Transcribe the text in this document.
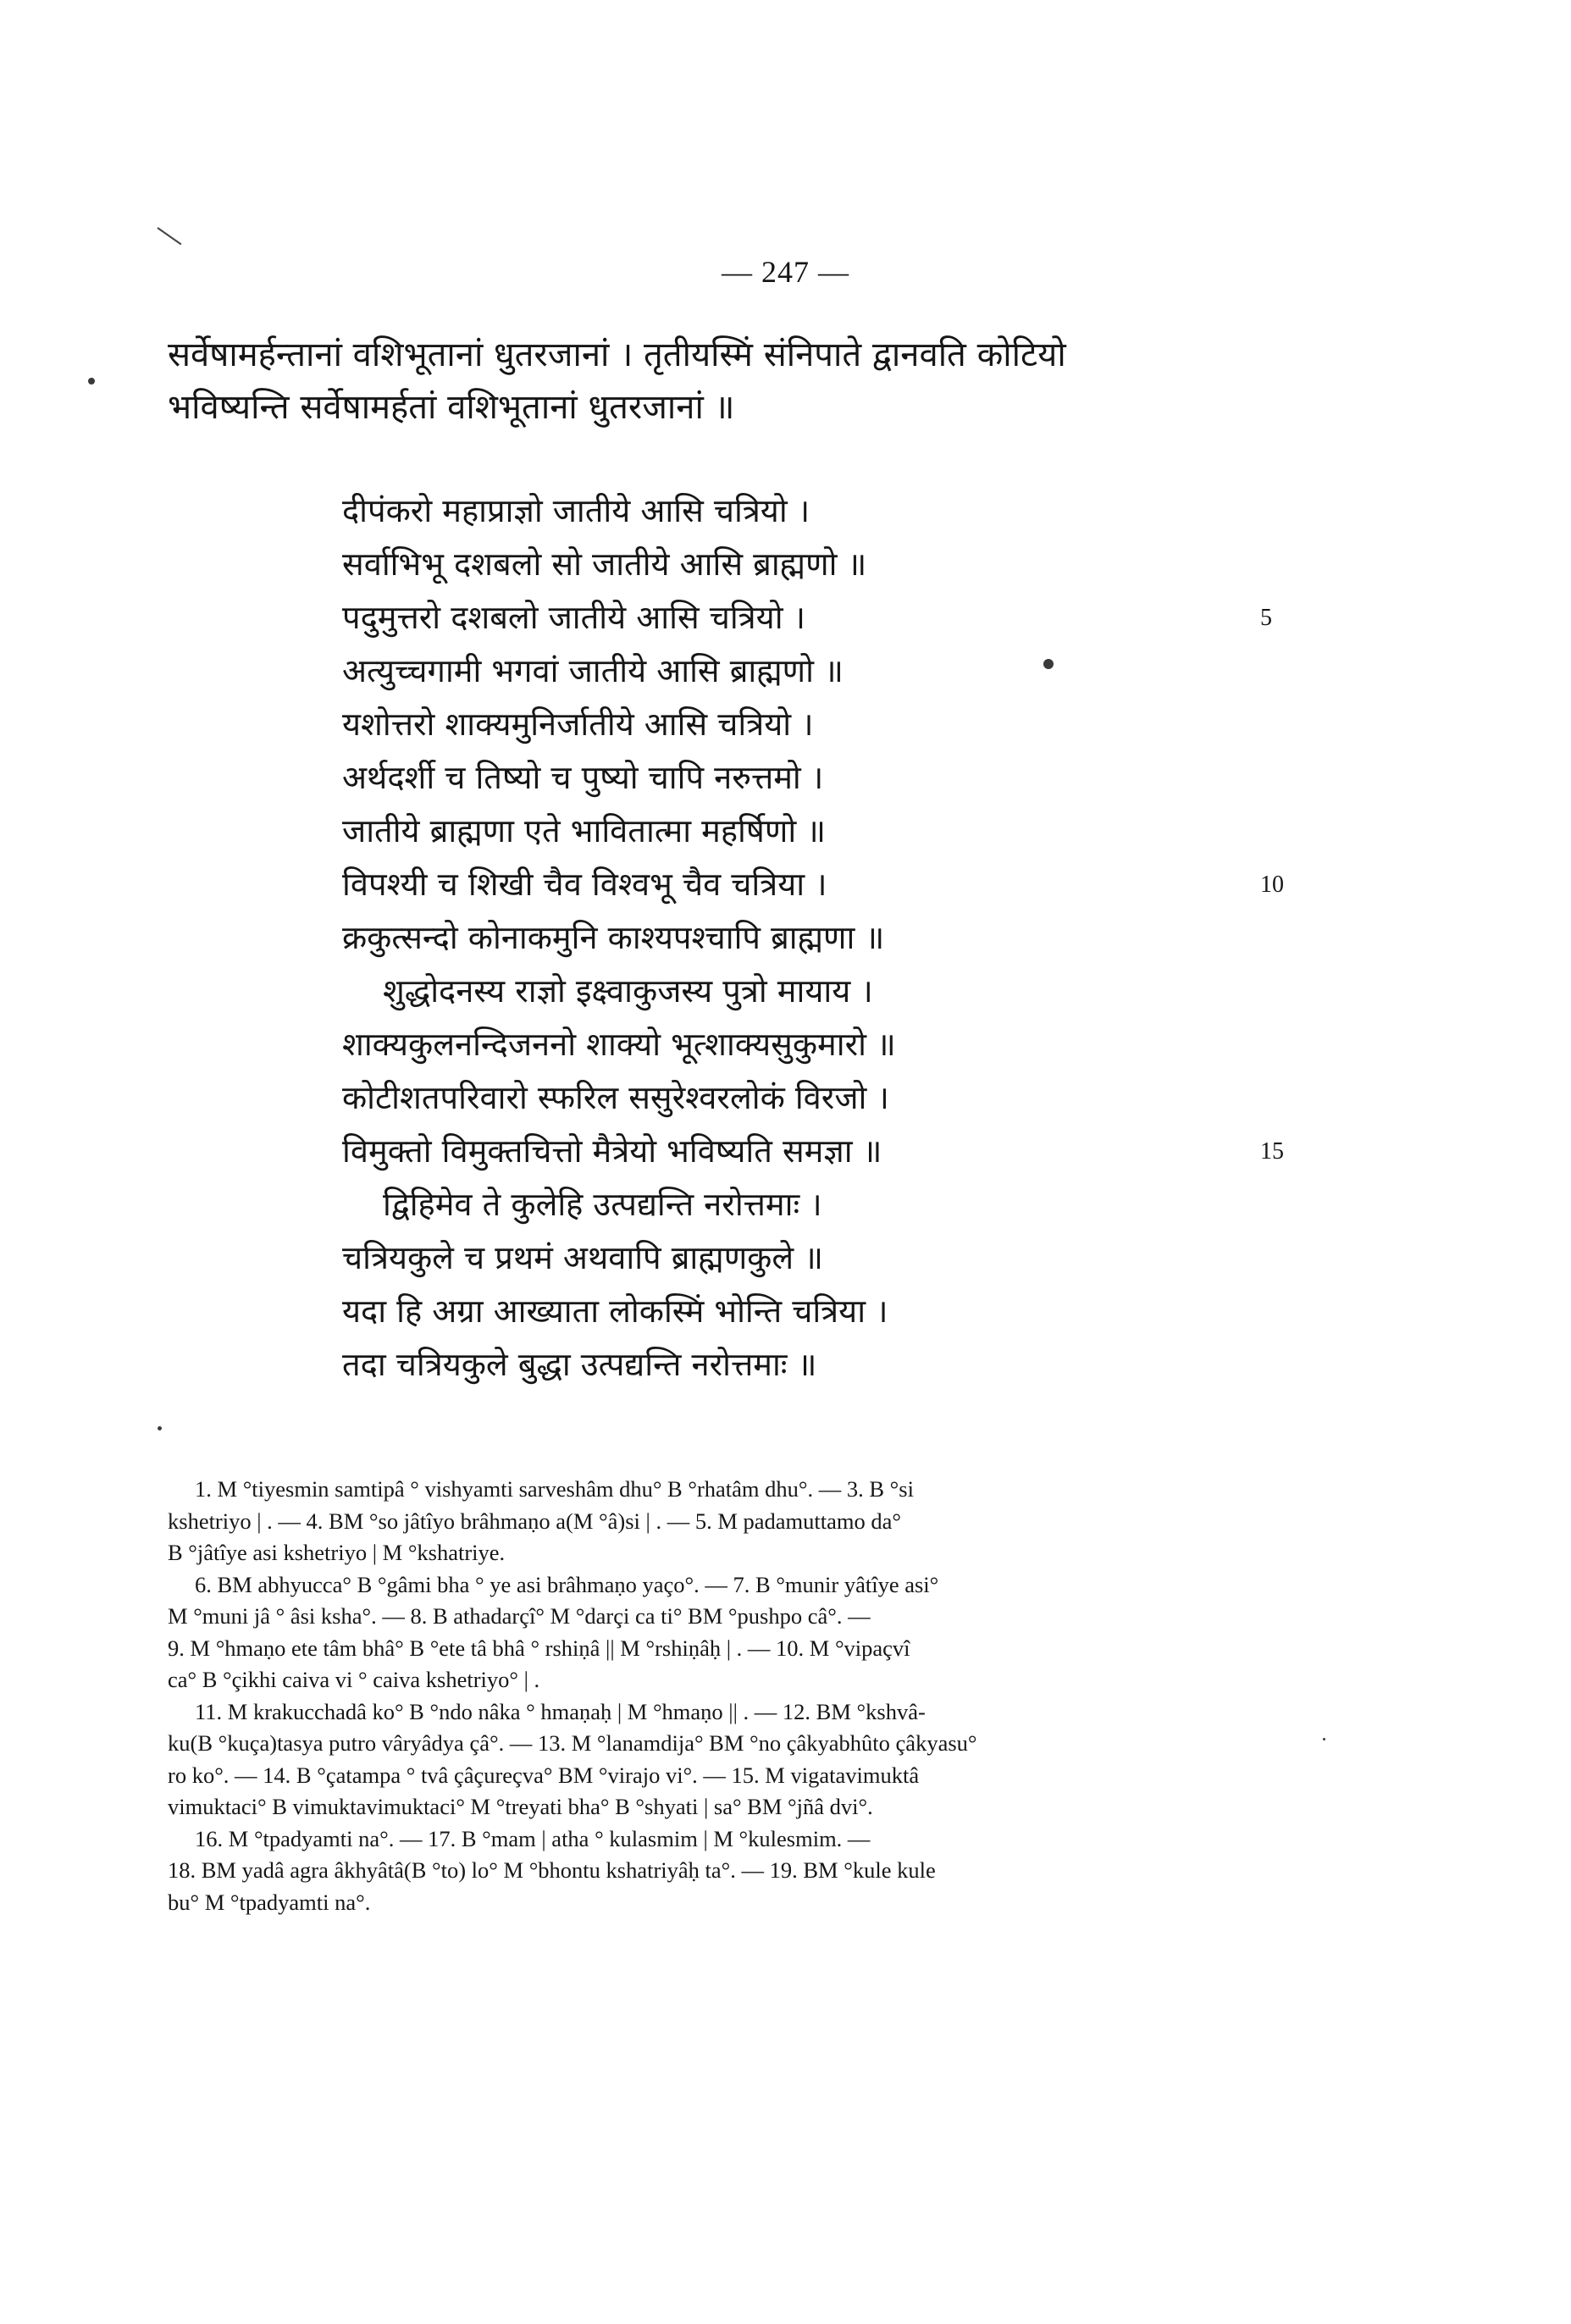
— 247 —
सर्वेषामर्हन्तानां वशिभूतानां धुतरजानां । तृतीयस्मिं संनिपाते द्वानवति कोटियो
भविष्यन्ति सर्वेषामर्हतां वशिभूतानां धुतरजानां ॥
दीपंकरो महाप्राज्ञो जातीये आसि चत्रियो ।
सर्वाभिभू दशबलो सो जातीये आसि ब्राह्मणो ॥
पदुमुत्तरो दशबलो जातीये आसि चत्रियो ।	5
अत्युच्चगामी भगवां जातीये आसि ब्राह्मणो ॥
यशोत्तरो शाक्यमुनिर्जातीये आसि चत्रियो ।
अर्थदर्शी च तिष्यो च पुष्यो चापि नरुत्तमो ।
जातीये ब्राह्मणा एते भावितात्मा महर्षिणो ॥
विपश्यी च शिखी चैव विश्वभू चैव चत्रिया ।	10
क्रकुत्सन्दो कोनाकमुनि काश्यपश्चापि ब्राह्मणा ॥
शुद्धोदनस्य राज्ञो इक्ष्वाकुजस्य पुत्रो मायाय ।
शाक्यकुलनन्दिजननो शाक्यो भूत्शाक्यसुकुमारो ॥
कोटीशतपरिवारो स्फरिल ससुरेश्वरलोकं विरजो ।
विमुक्तो विमुक्तचित्तो मैत्रेयो भविष्यति समज्ञा ॥	15
द्विहिमेव ते कुलेहि उत्पद्यन्ति नरोत्तमाः ।
चत्रियकुले च प्रथमं अथवापि ब्राह्मणकुले ॥
यदा हि अग्रा आख्याता लोकस्मिं भोन्ति चत्रिया ।
तदा चत्रियकुले बुद्धा उत्पद्यन्ति नरोत्तमाः ॥
1. M °tiyesmin samtipâ ° vishyamti sarveshâm dhu° B °rhatâm dhu°. — 3. B °si
kshetriyo | . — 4. BM °so jâtîyo brâhmaṇo a(M °â)si | . — 5. M padamuttamo da°
B °jâtîye asi kshetriyo | M °kshatriye.
6. BM abhyucca° B °gâmi bha ° ye asi brâhmaṇo yaço°. — 7. B °munir yâtîye asi°
M °muni jâ ° âsi ksha°. — 8. B athadarçî° M °darçi ca ti° BM °pushpo câ°. —
9. M °hmaṇo ete tâm bhâ° B °ete tâ bhâ ° rshiṇâ || M °rshiṇâḥ | . — 10. M °vipaçvî
ca° B °çikhi caiva vi ° caiva kshetriyo° | .
11. M krakucchadâ ko° B °ndo nâka ° hmaṇaḥ | M °hmaṇo || . — 12. BM °kshvâ-
ku(B °kuça)tasya putro vâryâdya çâ°. — 13. M °lanamdija° BM °no çâkyabhûto çâkyasu°
ro ko°. — 14. B °çatampa ° tvâ çâçureçva° BM °virajo vi°. — 15. M vigatavimuktâ
vimuktaci° B vimuktavimuktaci° M °treyati bha° B °shyati | sa° BM °jñâ dvi°.
16. M °tpadyamti na°. — 17. B °mam | atha ° kulasmim | M °kulesmim. —
18. BM yadâ agra âkhyâtâ(B °to) lo° M °bhontu kshatriyâḥ ta°. — 19. BM °kule kule
bu° M °tpadyamti na°.
